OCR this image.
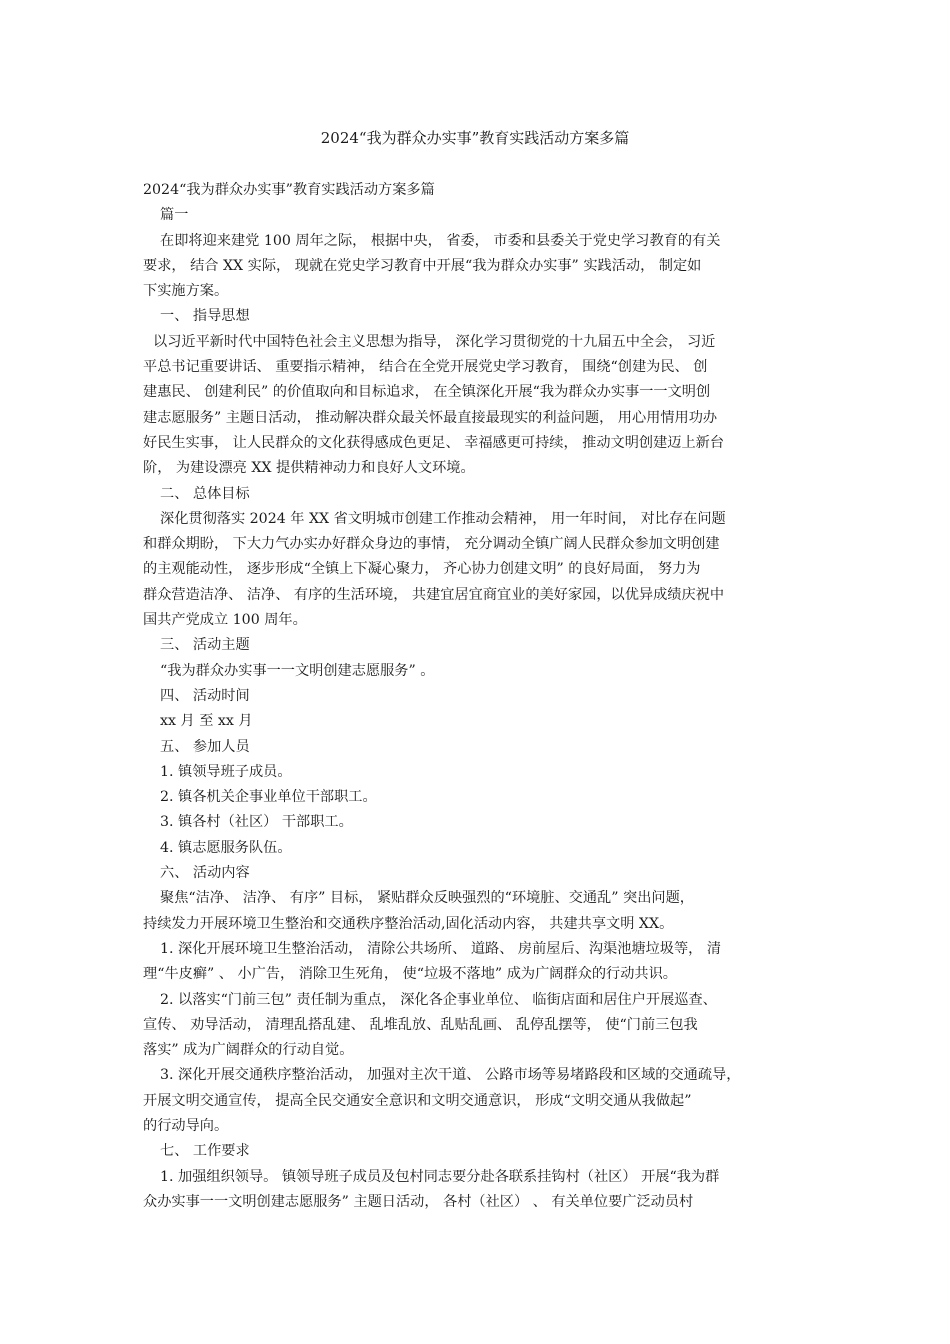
2024“我为群众办实事”教育实践活动方案多篇
2024“我为群众办实事”教育实践活动方案多篇
篇一
在即将迎来建党 100 周年之际， 根据中央， 省委， 市委和县委关于党史学习教育的有关
要求， 结合 XX 实际， 现就在党史学习教育中开展“我为群众办实事” 实践活动， 制定如
下实施方案。
一、 指导思想
以习近平新时代中国特色社会主义思想为指导， 深化学习贯彻党的十九届五中全会， 习近
平总书记重要讲话、 重要指示精神， 结合在全党开展党史学习教育， 围绕“创建为民、 创
建惠民、 创建利民” 的价值取向和目标追求， 在全镇深化开展“我为群众办实事一一文明创
建志愿服务” 主题日活动， 推动解决群众最关怀最直接最现实的利益问题， 用心用情用功办
好民生实事， 让人民群众的文化获得感成色更足、 幸福感更可持续， 推动文明创建迈上新台
阶， 为建设漂亮 XX 提供精神动力和良好人文环境。
二、 总体目标
深化贯彻落实 2024 年 XX 省文明城市创建工作推动会精神， 用一年时间， 对比存在问题
和群众期盼， 下大力气办实办好群众身边的事情， 充分调动全镇广阔人民群众参加文明创建
的主观能动性， 逐步形成“全镇上下凝心聚力， 齐心协力创建文明” 的良好局面， 努力为
群众营造洁净、 洁净、 有序的生活环境， 共建宜居宜商宜业的美好家园，以优异成绩庆祝中
国共产党成立 100 周年。
三、 活动主题
“我为群众办实事一一文明创建志愿服务” 。
四、 活动时间
xx 月 至 xx 月
五、 参加人员
1. 镇领导班子成员。
2. 镇各机关企事业单位干部职工。
3. 镇各村（社区） 干部职工。
4. 镇志愿服务队伍。
六、 活动内容
聚焦“洁净、 洁净、 有序” 目标， 紧贴群众反映强烈的“环境脏、交通乱” 突出问题，
持续发力开展环境卫生整治和交通秩序整治活动,固化活动内容， 共建共享文明 XX。
1. 深化开展环境卫生整治活动， 清除公共场所、 道路、 房前屋后、沟渠池塘垃圾等， 清
理“牛皮癣” 、 小广告， 消除卫生死角， 使“垃圾不落地” 成为广阔群众的行动共识。
2. 以落实“门前三包” 责任制为重点， 深化各企事业单位、 临街店面和居住户开展巡查、
宣传、 劝导活动， 清理乱搭乱建、 乱堆乱放、乱贴乱画、 乱停乱摆等， 使“门前三包我
落实” 成为广阔群众的行动自觉。
3. 深化开展交通秩序整治活动， 加强对主次干道、 公路市场等易堵路段和区域的交通疏导，
开展文明交通宣传， 提高全民交通安全意识和文明交通意识， 形成“文明交通从我做起”
的行动导向。
七、 工作要求
1. 加强组织领导。 镇领导班子成员及包村同志要分赴各联系挂钩村（社区） 开展“我为群
众办实事一一文明创建志愿服务” 主题日活动， 各村（社区） 、 有关单位要广泛动员村
